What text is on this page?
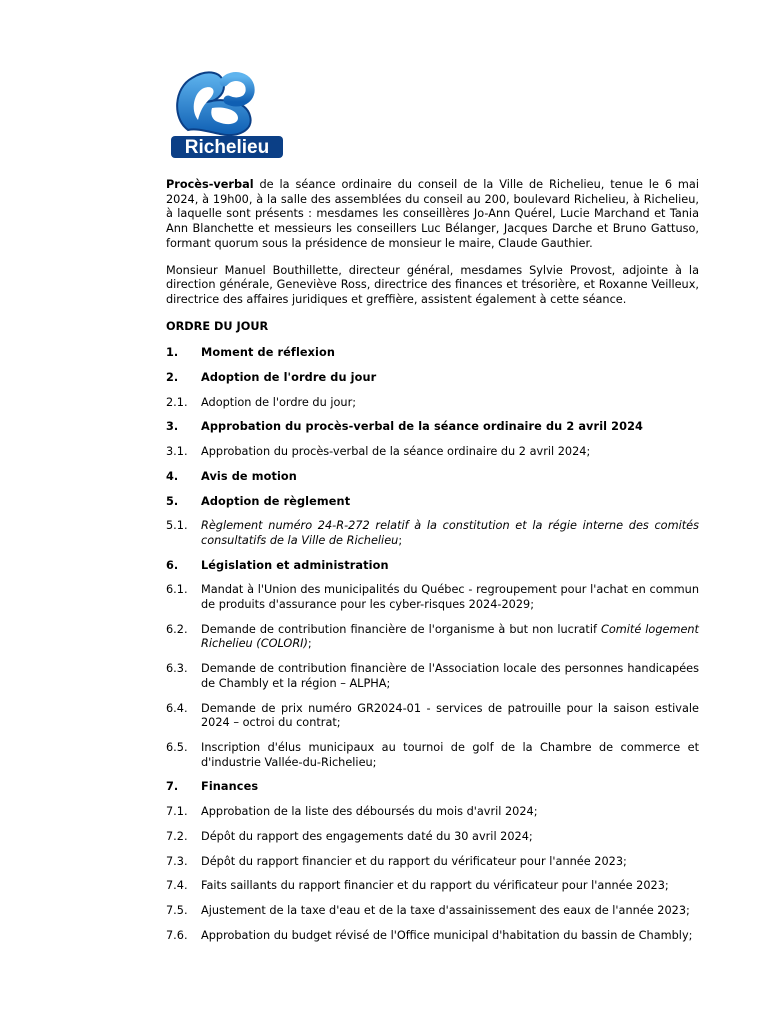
Richelieu

Procès-verbal de la séance ordinaire du conseil de la Ville de Richelieu, tenue le 6 mai 2024, à 19h00, à la salle des assemblées du conseil au 200, boulevard Richelieu, à Richelieu, à laquelle sont présents : mesdames les conseillères Jo-Ann Quérel, Lucie Marchand et Tania Ann Blanchette et messieurs les conseillers Luc Bélanger, Jacques Darche et Bruno Gattuso, formant quorum sous la présidence de monsieur le maire, Claude Gauthier.

Monsieur Manuel Bouthillette, directeur général, mesdames Sylvie Provost, adjointe à la direction générale, Geneviève Ross, directrice des finances et trésorière, et Roxanne Veilleux, directrice des affaires juridiques et greffière, assistent également à cette séance.

ORDRE DU JOUR
1.	Moment de réflexion
2.	Adoption de l'ordre du jour
2.1.	Adoption de l'ordre du jour;
3.	Approbation du procès-verbal de la séance ordinaire du 2 avril 2024
3.1.	Approbation du procès-verbal de la séance ordinaire du 2 avril 2024;
4.	Avis de motion
5.	Adoption de règlement
5.1.	Règlement numéro 24-R-272 relatif à la constitution et la régie interne des comités consultatifs de la Ville de Richelieu;
6.	Législation et administration
6.1.	Mandat à l'Union des municipalités du Québec - regroupement pour l'achat en commun de produits d'assurance pour les cyber-risques 2024-2029;
6.2.	Demande de contribution financière de l'organisme à but non lucratif Comité logement Richelieu (COLORI);
6.3.	Demande de contribution financière de l'Association locale des personnes handicapées de Chambly et la région – ALPHA;
6.4.	Demande de prix numéro GR2024-01 - services de patrouille pour la saison estivale 2024 – octroi du contrat;
6.5.	Inscription d'élus municipaux au tournoi de golf de la Chambre de commerce et d'industrie Vallée-du-Richelieu;
7.	Finances
7.1.	Approbation de la liste des déboursés du mois d'avril 2024;
7.2.	Dépôt du rapport des engagements daté du 30 avril 2024;
7.3.	Dépôt du rapport financier et du rapport du vérificateur pour l'année 2023;
7.4.	Faits saillants du rapport financier et du rapport du vérificateur pour l'année 2023;
7.5.	Ajustement de la taxe d'eau et de la taxe d'assainissement des eaux de l'année 2023;
7.6.	Approbation du budget révisé de l'Office municipal d'habitation du bassin de Chambly;
